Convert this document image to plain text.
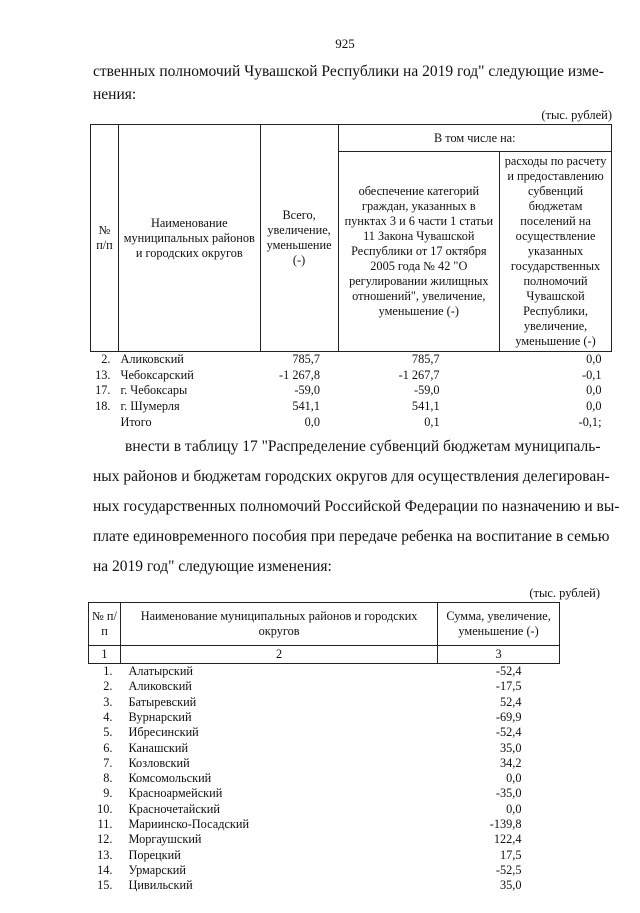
925
ственных полномочий Чувашской Республики на 2019 год" следующие изме-
нения:
(тыс. рублей)
№ п/п	Наименование муниципальных районов и городских округов	Всего, увеличение, уменьшение (-)	В том числе на:	
			обеспечение категорий граждан, указанных в пунктах 3 и 6 части 1 статьи 11 Закона Чувашской Республики от 17 октября 2005 года № 42 "О регулировании жилищных отношений", увеличение, уменьшение (-)	расходы по расчету и предоставлению субвенций бюджетам поселений на осуществление указанных государственных полномочий Чувашской Республики, увеличение, уменьшение (-)
2.	Аликовский	785,7	785,7	0,0
13.	Чебоксарский	-1 267,8	-1 267,7	-0,1
17.	г. Чебоксары	-59,0	-59,0	0,0
18.	г. Шумерля	541,1	541,1	0,0
	Итого	0,0	0,1	-0,1;
внести в таблицу 17 "Распределение субвенций бюджетам муниципаль-
ных районов и бюджетам городских округов для осуществления делегирован-
ных государственных полномочий Российской Федерации по назначению и вы-
плате единовременного пособия при передаче ребенка на воспитание в семью
на 2019 год" следующие изменения:
(тыс. рублей)
№ п/п	Наименование муниципальных районов и городских округов	Сумма, увеличение, уменьшение (-)
1	2	3
1.	Алатырский	-52,4
2.	Аликовский	-17,5
3.	Батыревский	52,4
4.	Вурнарский	-69,9
5.	Ибресинский	-52,4
6.	Канашский	35,0
7.	Козловский	34,2
8.	Комсомольский	0,0
9.	Красноармейский	-35,0
10.	Красночетайский	0,0
11.	Мариинско-Посадский	-139,8
12.	Моргаушский	122,4
13.	Порецкий	17,5
14.	Урмарский	-52,5
15.	Цивильский	35,0
